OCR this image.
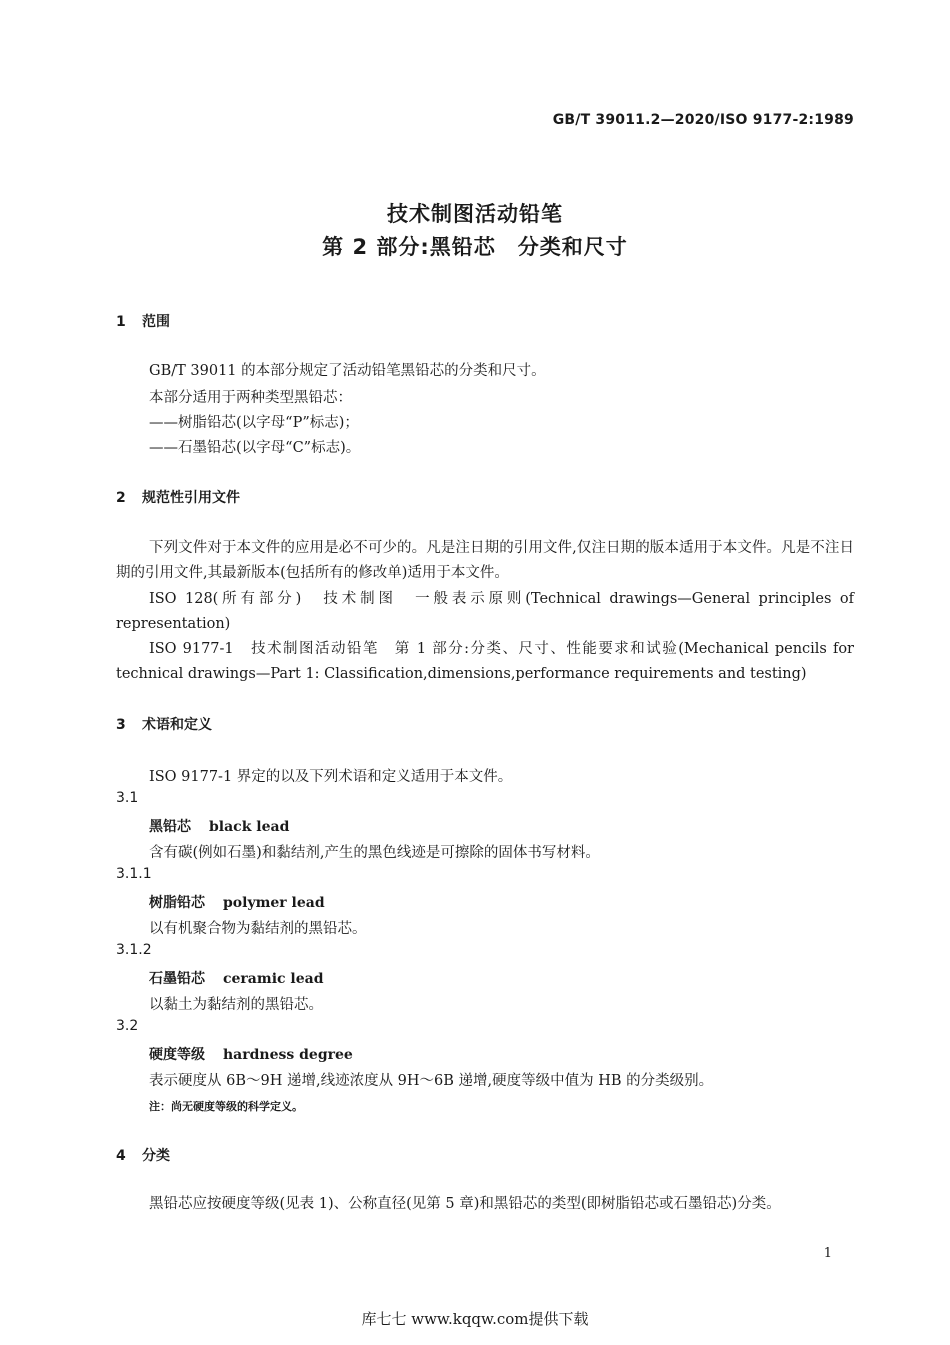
GB/T 39011.2—2020/ISO 9177-2:1989
技术制图活动铅笔
第 2 部分:黑铅芯　分类和尺寸
1 范围
GB/T 39011 的本部分规定了活动铅笔黑铅芯的分类和尺寸。
本部分适用于两种类型黑铅芯：
——树脂铅芯(以字母“P”标志)；
——石墨铅芯(以字母“C”标志)。
2 规范性引用文件
下列文件对于本文件的应用是必不可少的。凡是注日期的引用文件,仅注日期的版本适用于本文件。凡是不注日期的引用文件,其最新版本(包括所有的修改单)适用于本文件。
ISO 128(所有部分)　技术制图　一般表示原则(Technical drawings—General principles of representation)
ISO 9177-1　技术制图活动铅笔　第 1 部分:分类、尺寸、性能要求和试验(Mechanical pencils for technical drawings—Part 1: Classification,dimensions,performance requirements and testing)
3 术语和定义
ISO 9177-1 界定的以及下列术语和定义适用于本文件。
3.1
黑铅芯 black lead
含有碳(例如石墨)和黏结剂,产生的黑色线迹是可擦除的固体书写材料。
3.1.1
树脂铅芯 polymer lead
以有机聚合物为黏结剂的黑铅芯。
3.1.2
石墨铅芯 ceramic lead
以黏土为黏结剂的黑铅芯。
3.2
硬度等级 hardness degree
表示硬度从 6B～9H 递增,线迹浓度从 9H～6B 递增,硬度等级中值为 HB 的分类级别。
注：尚无硬度等级的科学定义。
4 分类
黑铅芯应按硬度等级(见表 1)、公称直径(见第 5 章)和黑铅芯的类型(即树脂铅芯或石墨铅芯)分类。
1
库七七 www.kqqw.com提供下载
